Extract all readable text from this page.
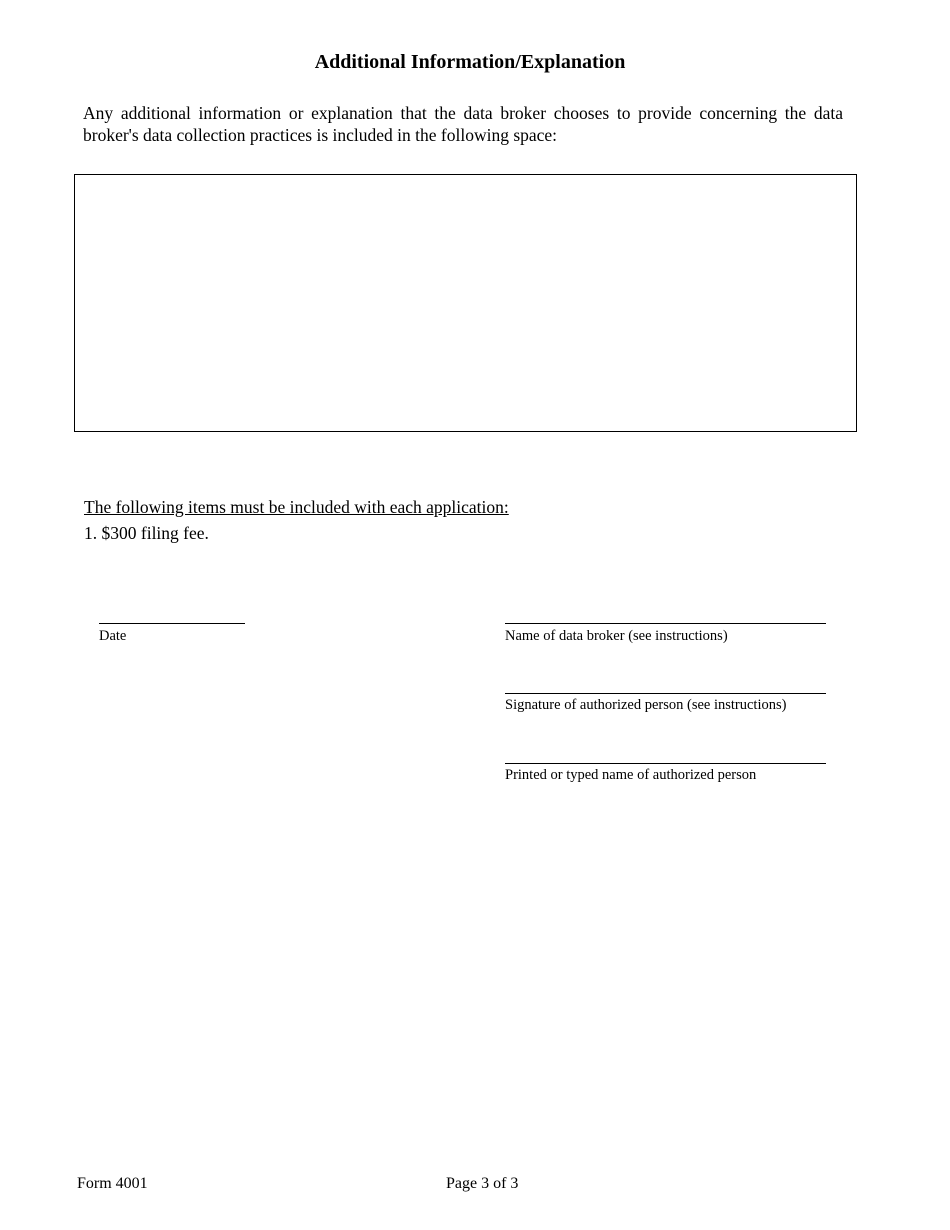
Additional Information/Explanation
Any additional information or explanation that the data broker chooses to provide concerning the data broker's data collection practices is included in the following space:
The following items must be included with each application:
1. $300 filing fee.
Date	Name of data broker (see instructions)
Signature of authorized person (see instructions)
Printed or typed name of authorized person
Form 4001	Page 3 of 3
